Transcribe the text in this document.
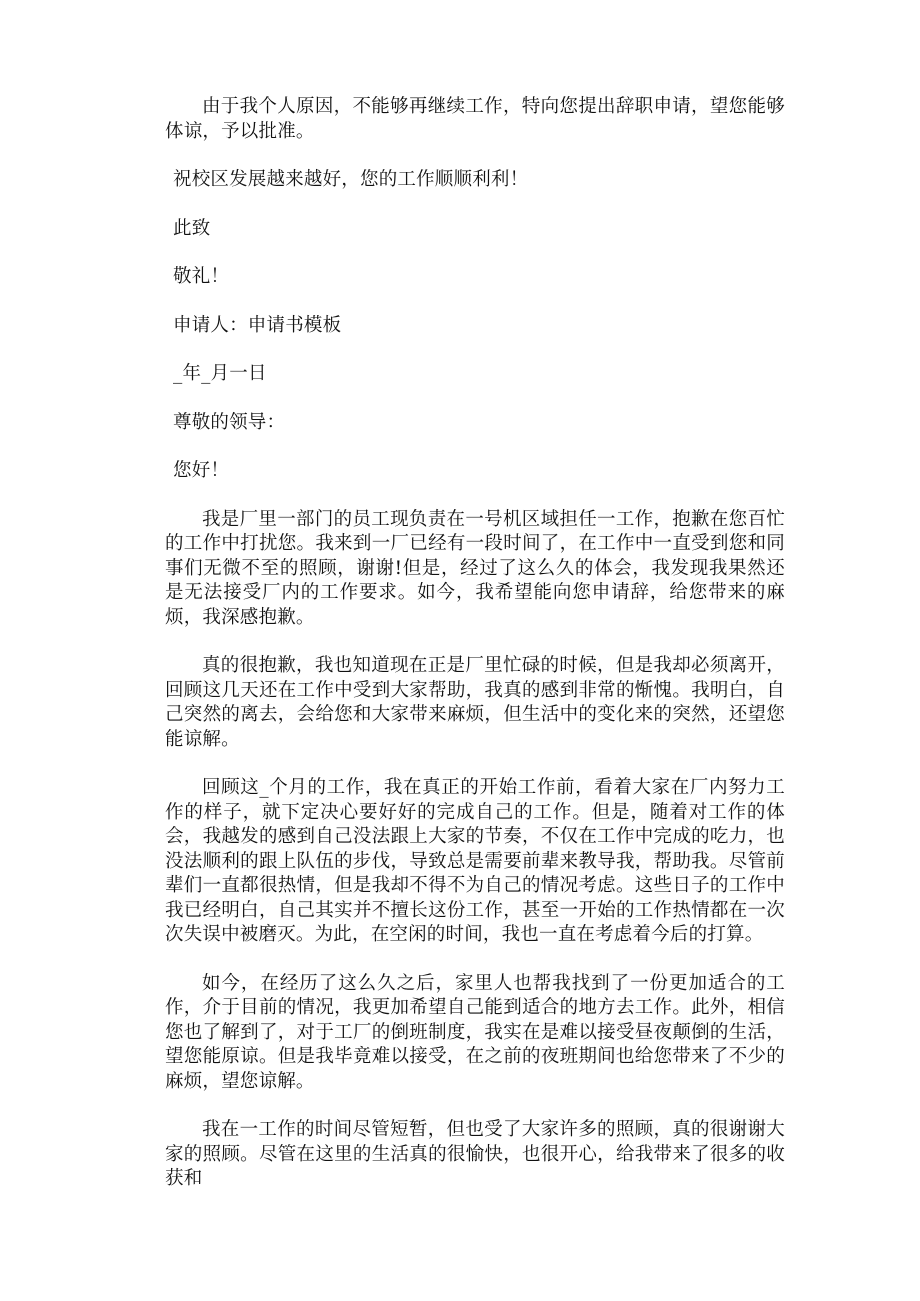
由于我个人原因，不能够再继续工作，特向您提出辞职申请，望您能够体谅，予以批准。

祝校区发展越来越好，您的工作顺顺利利！

此致

敬礼！

申请人：申请书模板

_年_月一日

尊敬的领导：

您好！

我是厂里一部门的员工现负责在一号机区域担任一工作，抱歉在您百忙的工作中打扰您。我来到一厂已经有一段时间了，在工作中一直受到您和同事们无微不至的照顾，谢谢!但是，经过了这么久的体会，我发现我果然还是无法接受厂内的工作要求。如今，我希望能向您申请辞，给您带来的麻烦，我深感抱歉。

真的很抱歉，我也知道现在正是厂里忙碌的时候，但是我却必须离开，回顾这几天还在工作中受到大家帮助，我真的感到非常的惭愧。我明白，自己突然的离去，会给您和大家带来麻烦，但生活中的变化来的突然，还望您能谅解。

回顾这_个月的工作，我在真正的开始工作前，看着大家在厂内努力工作的样子，就下定决心要好好的完成自己的工作。但是，随着对工作的体会，我越发的感到自己没法跟上大家的节奏，不仅在工作中完成的吃力，也没法顺利的跟上队伍的步伐，导致总是需要前辈来教导我，帮助我。尽管前辈们一直都很热情，但是我却不得不为自己的情况考虑。这些日子的工作中我已经明白，自己其实并不擅长这份工作，甚至一开始的工作热情都在一次次失误中被磨灭。为此，在空闲的时间，我也一直在考虑着今后的打算。

如今，在经历了这么久之后，家里人也帮我找到了一份更加适合的工作，介于目前的情况，我更加希望自己能到适合的地方去工作。此外，相信您也了解到了，对于工厂的倒班制度，我实在是难以接受昼夜颠倒的生活，望您能原谅。但是我毕竟难以接受，在之前的夜班期间也给您带来了不少的麻烦，望您谅解。

我在一工作的时间尽管短暂，但也受了大家许多的照顾，真的很谢谢大家的照顾。尽管在这里的生活真的很愉快，也很开心，给我带来了很多的收获和
